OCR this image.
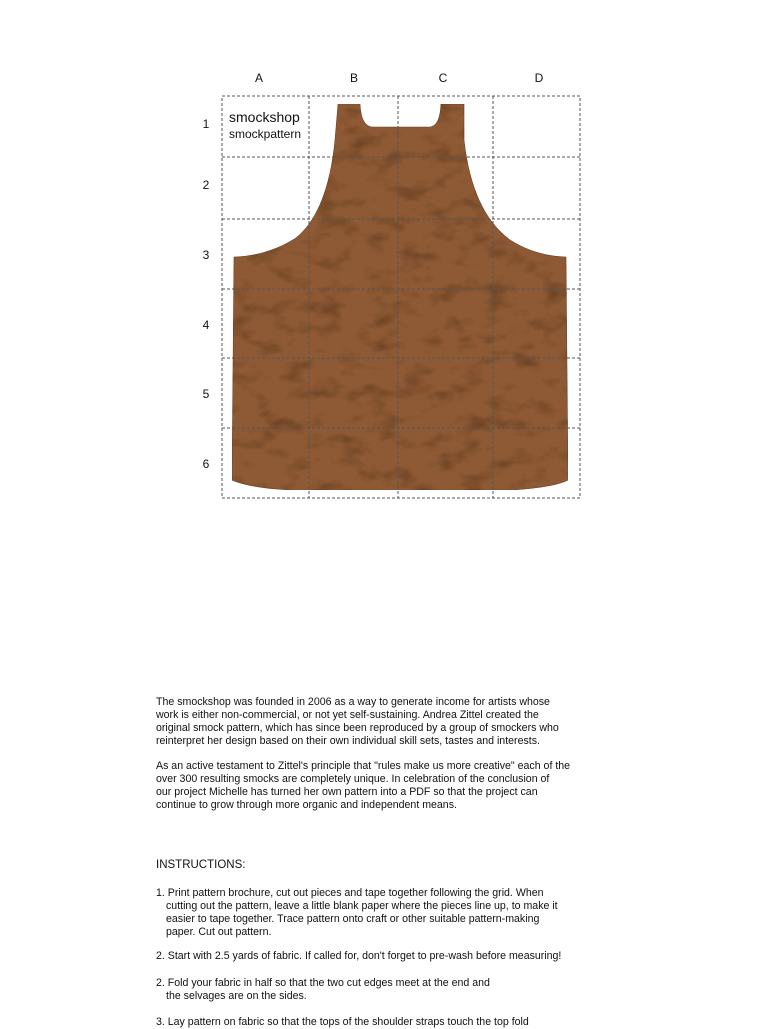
A	B	C	D
1
2
3
4
5
6
smockshop
smockpattern

The smockshop was founded in 2006 as a way to generate income for artists whose

work is either non-commercial, or not yet self-sustaining. Andrea Zittel created the

original smock pattern, which has since been reproduced by a group of smockers who

reinterpret her design based on their own individual skill sets, tastes and interests.

As an active testament to Zittel's principle that "rules make us more creative" each of the

over 300 resulting smocks are completely unique. In celebration of the conclusion of

our project Michelle has turned her own pattern into a PDF so that the project can

continue to grow through more organic and independent means.

INSTRUCTIONS:

1. Print pattern brochure, cut out pieces and tape together following the grid. When

cutting out the pattern, leave a little blank paper where the pieces line up, to make it

easier to tape together. Trace pattern onto craft or other suitable pattern-making

paper. Cut out pattern.

2. Start with 2.5 yards of fabric. If called for, don't forget to pre-wash before measuring!

2. Fold your fabric in half so that the two cut edges meet at the end and

the selvages are on the sides.

3. Lay pattern on fabric so that the tops of the shoulder straps touch the top fold
